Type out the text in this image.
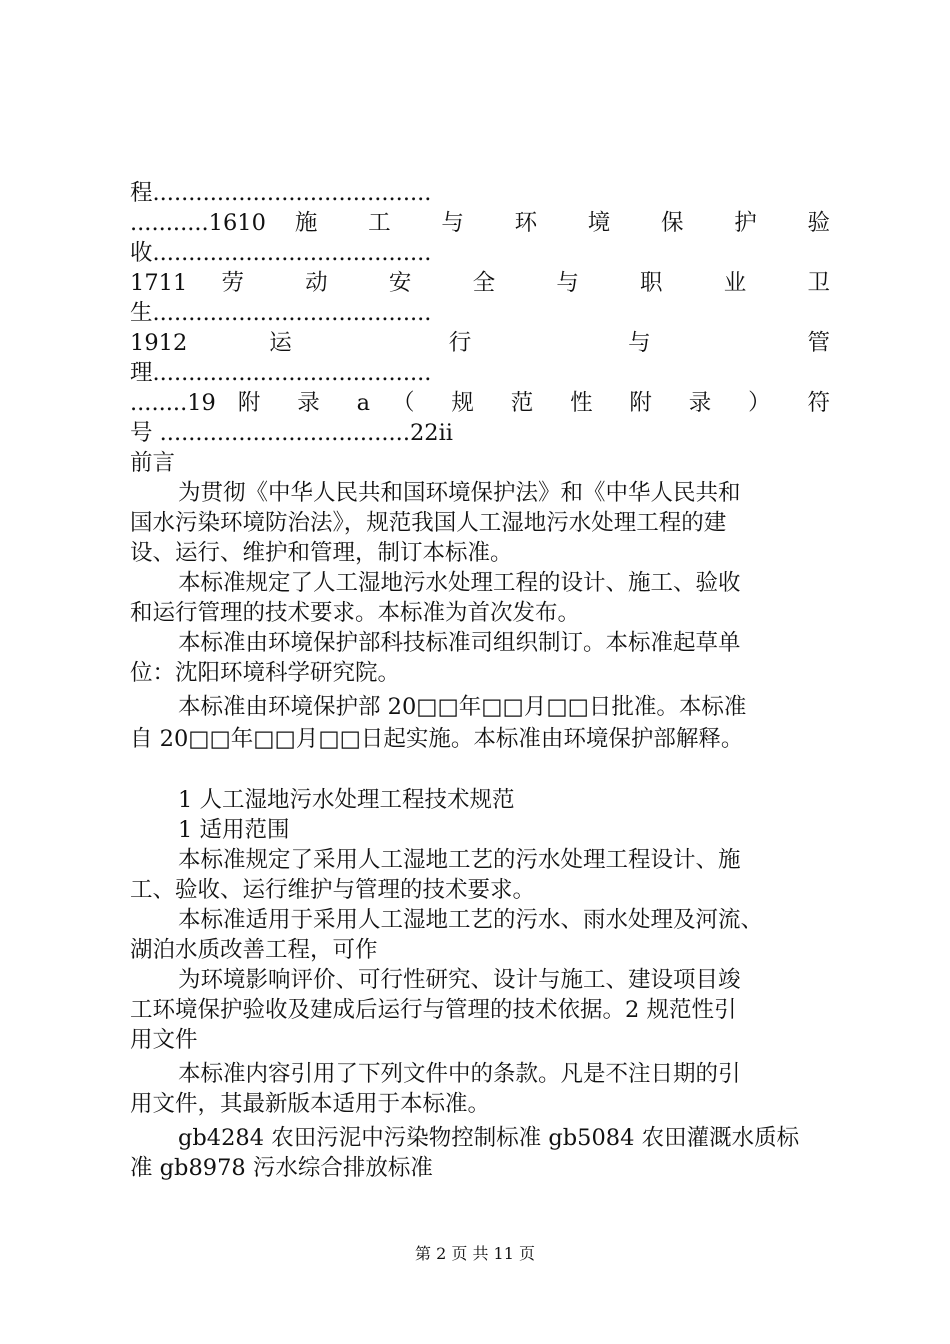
程.......................................
...........1610 施 工 与 环 境 保 护 验
收.......................................
1711 劳 动 安 全 与 职 业 卫
生.......................................
1912 运 行 与 管
理.......................................
........19 附 录 a （ 规 范 性 附 录 ） 符
号 ...................................22ii
前言
为贯彻《中华人民共和国环境保护法》和《中华人民共和
国水污染环境防治法》，规范我国人工湿地污水处理工程的建
设、运行、维护和管理，制订本标准。
本标准规定了人工湿地污水处理工程的设计、施工、验收
和运行管理的技术要求。本标准为首次发布。
本标准由环境保护部科技标准司组织制订。本标准起草单
位：沈阳环境科学研究院。
本标准由环境保护部 20□□年□□月□□日批准。本标准
自 20□□年□□月□□日起实施。本标准由环境保护部解释。
1 人工湿地污水处理工程技术规范
1 适用范围
本标准规定了采用人工湿地工艺的污水处理工程设计、施
工、验收、运行维护与管理的技术要求。
本标准适用于采用人工湿地工艺的污水、雨水处理及河流、
湖泊水质改善工程，可作
为环境影响评价、可行性研究、设计与施工、建设项目竣
工环境保护验收及建成后运行与管理的技术依据。2 规范性引
用文件
本标准内容引用了下列文件中的条款。凡是不注日期的引
用文件，其最新版本适用于本标准。
gb4284 农田污泥中污染物控制标准 gb5084 农田灌溉水质标
准 gb8978 污水综合排放标准
第 2 页 共 11 页
